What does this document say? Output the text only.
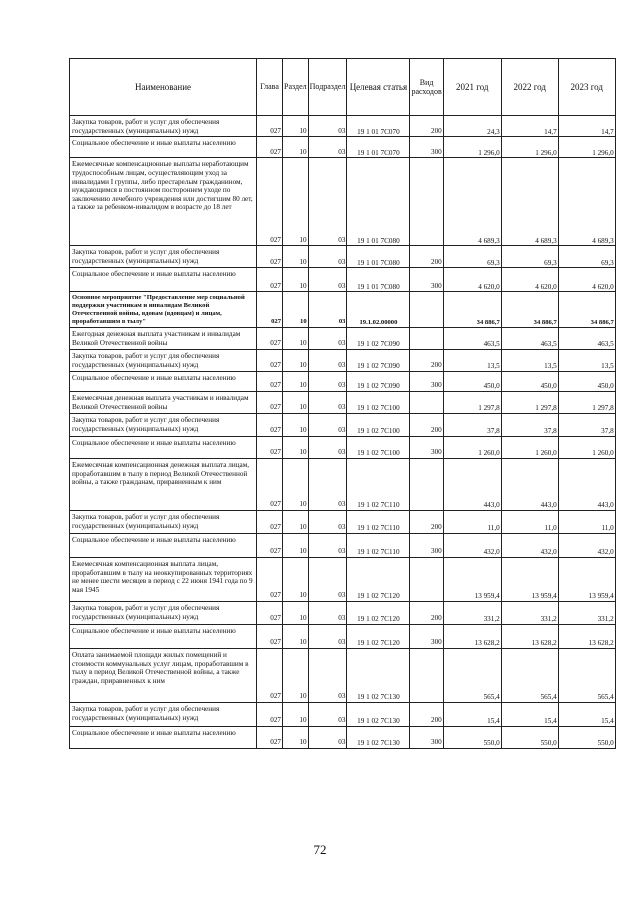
Наименование	Глава	Раздел	Подраздел	Целевая статья	Вид расходов	2021 год	2022 год	2023 год
Закупка товаров, работ и услуг для обеспечения государственных (муниципальных) нужд	027	10	03	19 1 01 7С070	200	24,3	14,7	14,7
Социальное обеспечение и иные выплаты населению	027	10	03	19 1 01 7С070	300	1 296,0	1 296,0	1 296,0
Ежемесячные компенсационные выплаты неработающим трудоспособным лицам, осуществляющим уход за инвалидами I группы, либо престарелым гражданином, нуждающимся в постоянном постороннем уходе по заключению лечебного учреждения или достигшим 80 лет, а также за ребенком-инвалидом в возрасте до 18 лет	027	10	03	19 1 01 7С080		4 689,3	4 689,3	4 689,3
Закупка товаров, работ и услуг для обеспечения государственных (муниципальных) нужд	027	10	03	19 1 01 7С080	200	69,3	69,3	69,3
Социальное обеспечение и иные выплаты населению	027	10	03	19 1 01 7С080	300	4 620,0	4 620,0	4 620,0
Основное мероприятие "Предоставление мер социальной поддержки участникам и инвалидам Великой Отечественной войны, вдовам (вдовцам) и лицам, проработавшим в тылу"	027	10	03	19.1.02.00000		34 886,7	34 886,7	34 886,7
Ежегодная денежная выплата участникам и инвалидам Великой Отечественной войны	027	10	03	19 1 02 7С090		463,5	463,5	463,5
Закупка товаров, работ и услуг для обеспечения государственных (муниципальных) нужд	027	10	03	19 1 02 7С090	200	13,5	13,5	13,5
Социальное обеспечение и иные выплаты населению	027	10	03	19 1 02 7С090	300	450,0	450,0	450,0
Ежемесячная денежная выплата участникам и инвалидам Великой Отечественной войны	027	10	03	19 1 02 7С100		1 297,8	1 297,8	1 297,8
Закупка товаров, работ и услуг для обеспечения государственных (муниципальных) нужд	027	10	03	19 1 02 7С100	200	37,8	37,8	37,8
Социальное обеспечение и иные выплаты населению	027	10	03	19 1 02 7С100	300	1 260,0	1 260,0	1 260,0
Ежемесячная компенсационная денежная выплата лицам, проработавшим в тылу в период Великой Отечественной войны, а также гражданам, приравненным к ним	027	10	03	19 1 02 7С110		443,0	443,0	443,0
Закупка товаров, работ и услуг для обеспечения государственных (муниципальных) нужд	027	10	03	19 1 02 7С110	200	11,0	11,0	11,0
Социальное обеспечение и иные выплаты населению	027	10	03	19 1 02 7С110	300	432,0	432,0	432,0
Ежемесячная компенсационная выплата лицам, проработавшим в тылу на неоккупированных территориях не менее шести месяцев в период с 22 июня 1941 года по 9 мая 1945	027	10	03	19 1 02 7С120		13 959,4	13 959,4	13 959,4
Закупка товаров, работ и услуг для обеспечения государственных (муниципальных) нужд	027	10	03	19 1 02 7С120	200	331,2	331,2	331,2
Социальное обеспечение и иные выплаты населению	027	10	03	19 1 02 7С120	300	13 628,2	13 628,2	13 628,2
Оплата занимаемой площади жилых помещений и стоимости коммунальных услуг лицам, проработавшим в тылу в период Великой Отечественной войны, а также граждан, приравненных к ним	027	10	03	19 1 02 7С130		565,4	565,4	565,4
Закупка товаров, работ и услуг для обеспечения государственных (муниципальных) нужд	027	10	03	19 1 02 7С130	200	15,4	15,4	15,4
Социальное обеспечение и иные выплаты населению	027	10	03	19 1 02 7С130	300	550,0	550,0	550,0
72
